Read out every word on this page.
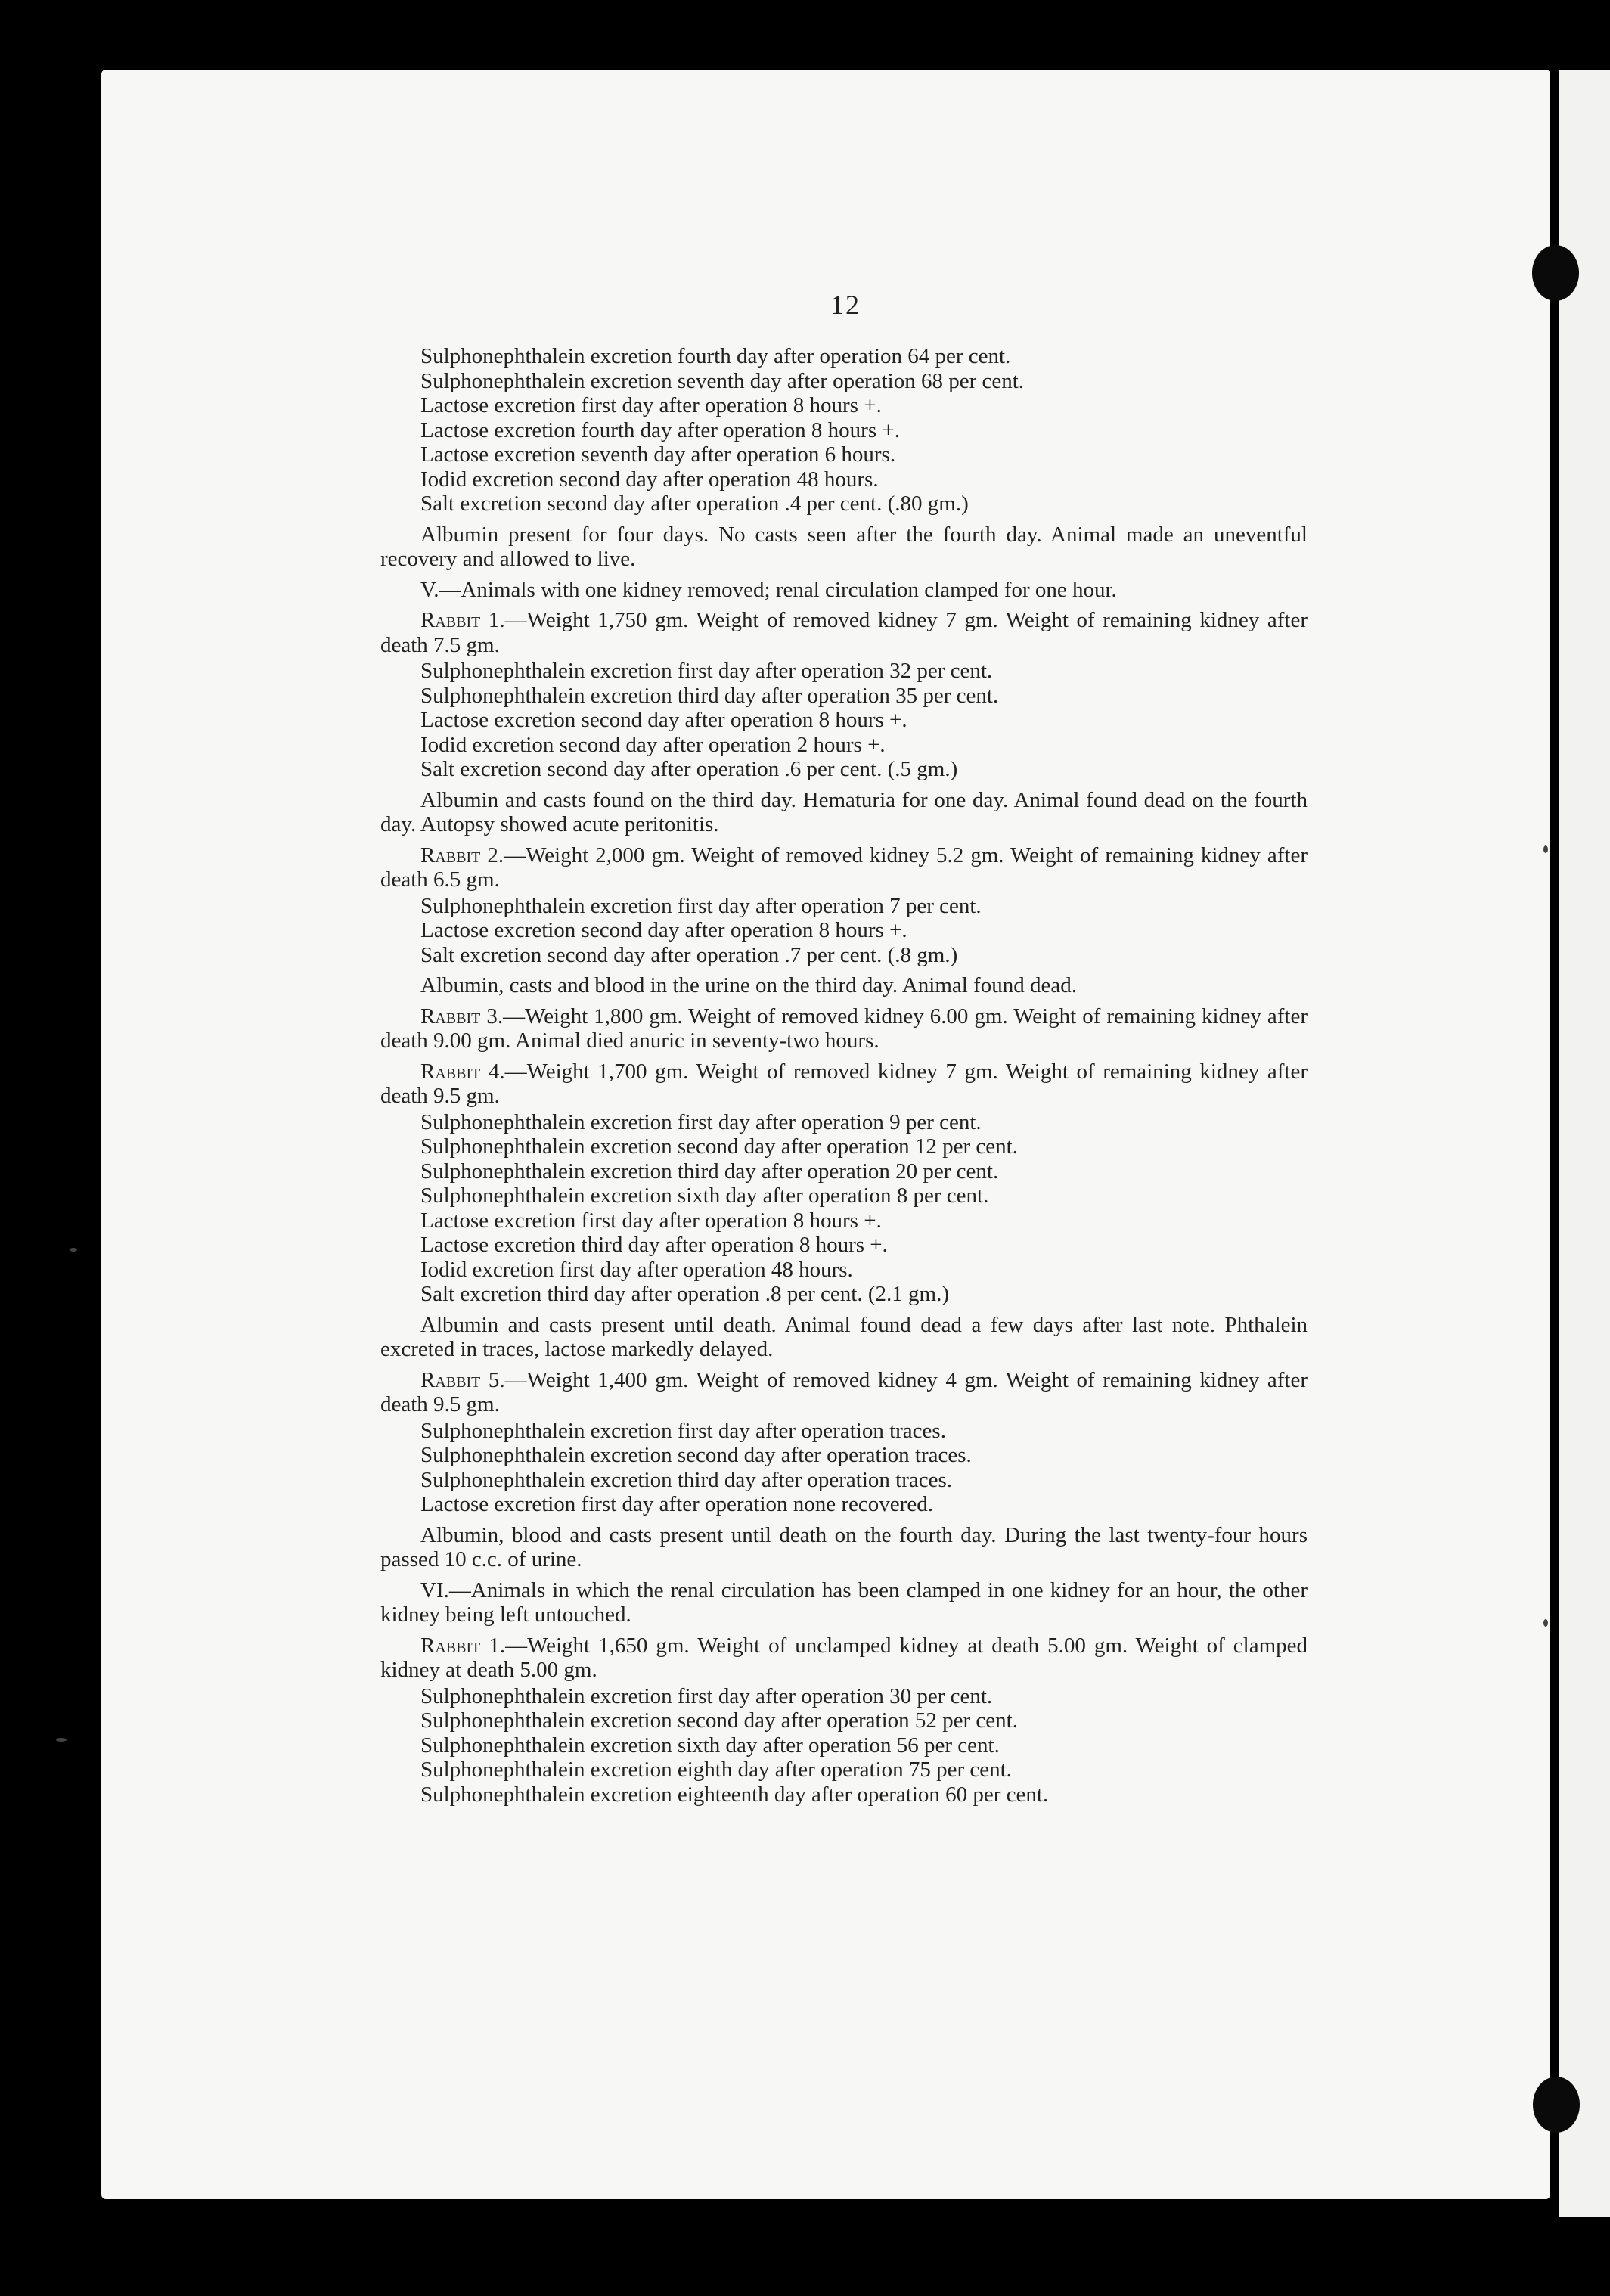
12

Sulphonephthalein excretion fourth day after operation 64 per cent.

Sulphonephthalein excretion seventh day after operation 68 per cent.

Lactose excretion first day after operation 8 hours +.

Lactose excretion fourth day after operation 8 hours +.

Lactose excretion seventh day after operation 6 hours.

Iodid excretion second day after operation 48 hours.

Salt excretion second day after operation .4 per cent. (.80 gm.)

Albumin present for four days. No casts seen after the fourth day. Animal made an uneventful recovery and allowed to live.

V.—Animals with one kidney removed; renal circulation clamped for one hour.

Rabbit 1.—Weight 1,750 gm. Weight of removed kidney 7 gm. Weight of remaining kidney after death 7.5 gm.

Sulphonephthalein excretion first day after operation 32 per cent.

Sulphonephthalein excretion third day after operation 35 per cent.

Lactose excretion second day after operation 8 hours +.

Iodid excretion second day after operation 2 hours +.

Salt excretion second day after operation .6 per cent. (.5 gm.)

Albumin and casts found on the third day. Hematuria for one day. Animal found dead on the fourth day. Autopsy showed acute peritonitis.

Rabbit 2.—Weight 2,000 gm. Weight of removed kidney 5.2 gm. Weight of remaining kidney after death 6.5 gm.

Sulphonephthalein excretion first day after operation 7 per cent.

Lactose excretion second day after operation 8 hours +.

Salt excretion second day after operation .7 per cent. (.8 gm.)

Albumin, casts and blood in the urine on the third day. Animal found dead.

Rabbit 3.—Weight 1,800 gm. Weight of removed kidney 6.00 gm. Weight of remaining kidney after death 9.00 gm. Animal died anuric in seventy-two hours.

Rabbit 4.—Weight 1,700 gm. Weight of removed kidney 7 gm. Weight of remaining kidney after death 9.5 gm.

Sulphonephthalein excretion first day after operation 9 per cent.

Sulphonephthalein excretion second day after operation 12 per cent.

Sulphonephthalein excretion third day after operation 20 per cent.

Sulphonephthalein excretion sixth day after operation 8 per cent.

Lactose excretion first day after operation 8 hours +.

Lactose excretion third day after operation 8 hours +.

Iodid excretion first day after operation 48 hours.

Salt excretion third day after operation .8 per cent. (2.1 gm.)

Albumin and casts present until death. Animal found dead a few days after last note. Phthalein excreted in traces, lactose markedly delayed.

Rabbit 5.—Weight 1,400 gm. Weight of removed kidney 4 gm. Weight of remaining kidney after death 9.5 gm.

Sulphonephthalein excretion first day after operation traces.

Sulphonephthalein excretion second day after operation traces.

Sulphonephthalein excretion third day after operation traces.

Lactose excretion first day after operation none recovered.

Albumin, blood and casts present until death on the fourth day. During the last twenty-four hours passed 10 c.c. of urine.

VI.—Animals in which the renal circulation has been clamped in one kidney for an hour, the other kidney being left untouched.

Rabbit 1.—Weight 1,650 gm. Weight of unclamped kidney at death 5.00 gm. Weight of clamped kidney at death 5.00 gm.

Sulphonephthalein excretion first day after operation 30 per cent.

Sulphonephthalein excretion second day after operation 52 per cent.

Sulphonephthalein excretion sixth day after operation 56 per cent.

Sulphonephthalein excretion eighth day after operation 75 per cent.

Sulphonephthalein excretion eighteenth day after operation 60 per cent.
